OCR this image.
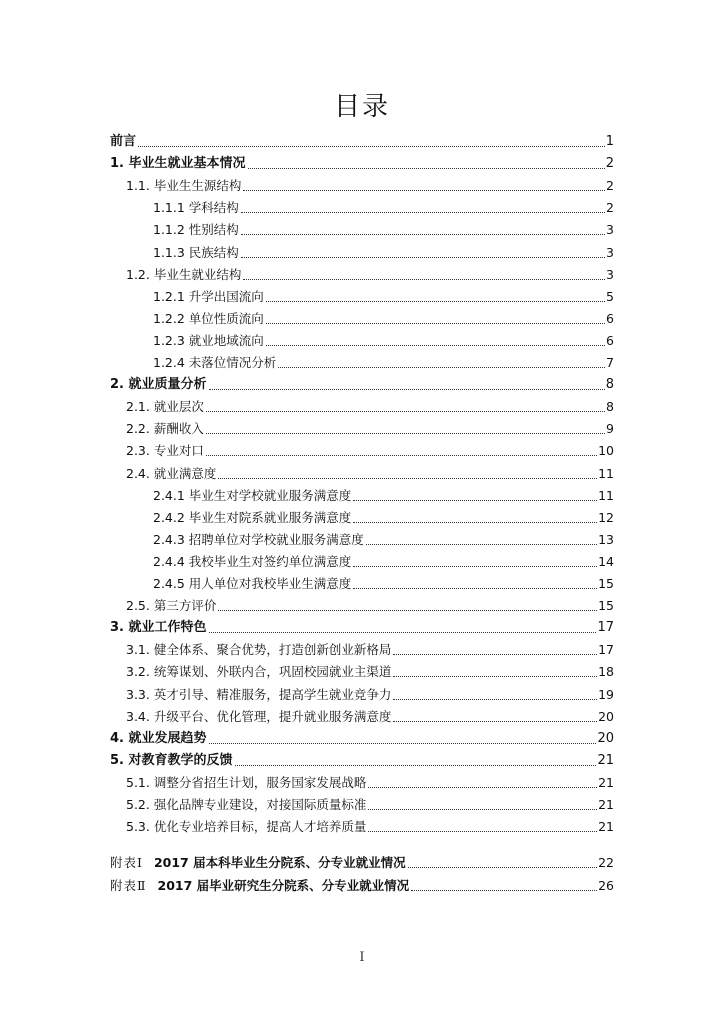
目录
前言	1
1. 毕业生就业基本情况	2
1.1. 毕业生生源结构	2
1.1.1 学科结构	2
1.1.2 性别结构	3
1.1.3 民族结构	3
1.2. 毕业生就业结构	3
1.2.1 升学出国流向	5
1.2.2 单位性质流向	6
1.2.3 就业地域流向	6
1.2.4 未落位情况分析	7
2. 就业质量分析	8
2.1. 就业层次	8
2.2. 薪酬收入	9
2.3. 专业对口	10
2.4. 就业满意度	11
2.4.1 毕业生对学校就业服务满意度	11
2.4.2 毕业生对院系就业服务满意度	12
2.4.3 招聘单位对学校就业服务满意度	13
2.4.4 我校毕业生对签约单位满意度	14
2.4.5 用人单位对我校毕业生满意度	15
2.5. 第三方评价	15
3. 就业工作特色	17
3.1. 健全体系、聚合优势，打造创新创业新格局	17
3.2. 统筹谋划、外联内合，巩固校园就业主渠道	18
3.3. 英才引导、精准服务，提高学生就业竞争力	19
3.4. 升级平台、优化管理，提升就业服务满意度	20
4. 就业发展趋势	20
5. 对教育教学的反馈	21
5.1. 调整分省招生计划，服务国家发展战略	21
5.2. 强化品牌专业建设，对接国际质量标准	21
5.3. 优化专业培养目标，提高人才培养质量	21
附表Ⅰ 2017 届本科毕业生分院系、分专业就业情况	22
附表Ⅱ 2017 届毕业研究生分院系、分专业就业情况	26
I
